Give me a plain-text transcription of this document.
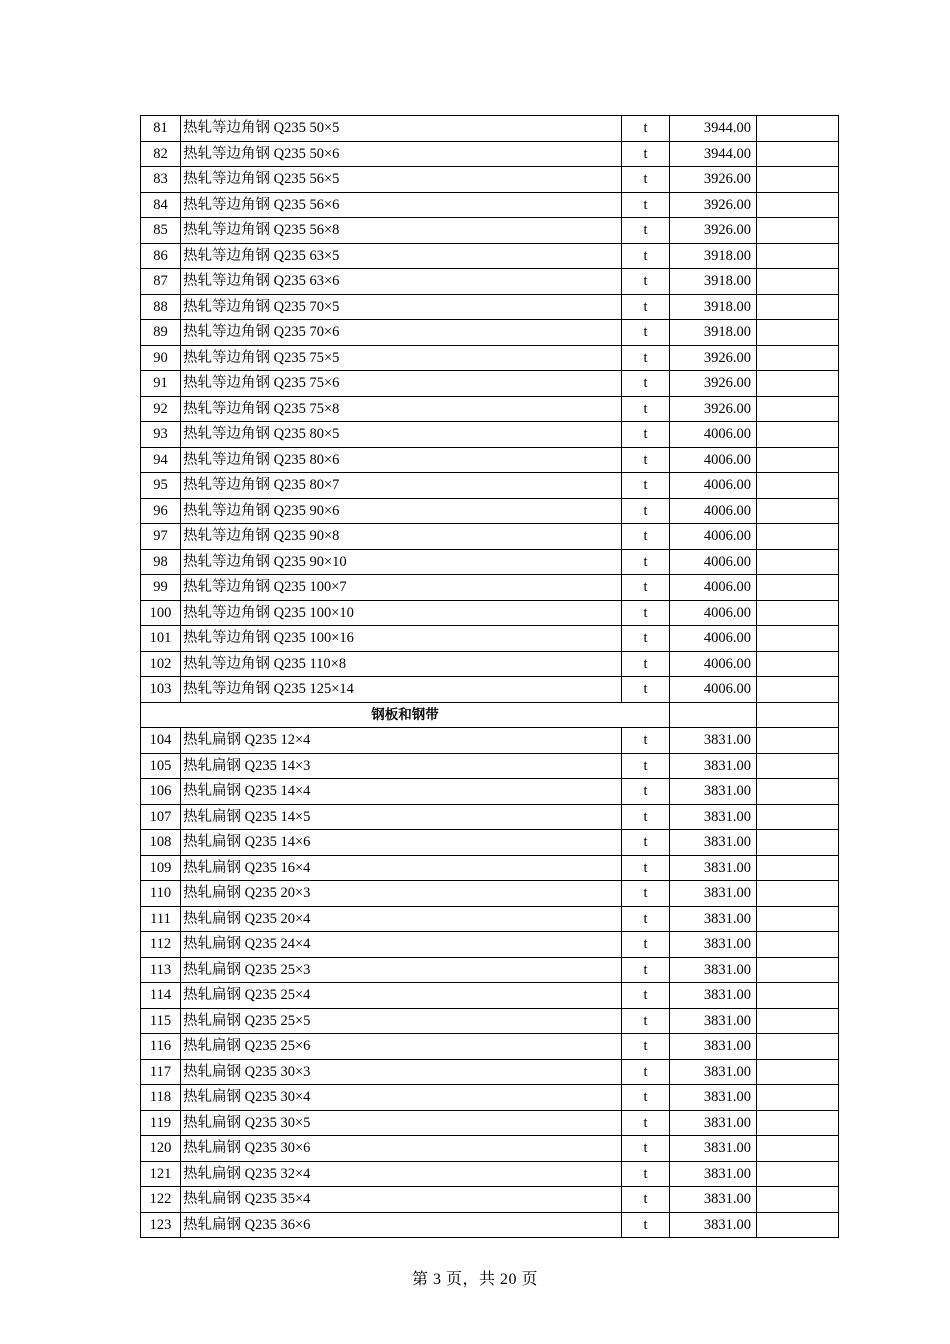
81	热轧等边角钢 Q235 50×5	t	3944.00	
82	热轧等边角钢 Q235 50×6	t	3944.00	
83	热轧等边角钢 Q235 56×5	t	3926.00	
84	热轧等边角钢 Q235 56×6	t	3926.00	
85	热轧等边角钢 Q235 56×8	t	3926.00	
86	热轧等边角钢 Q235 63×5	t	3918.00	
87	热轧等边角钢 Q235 63×6	t	3918.00	
88	热轧等边角钢 Q235 70×5	t	3918.00	
89	热轧等边角钢 Q235 70×6	t	3918.00	
90	热轧等边角钢 Q235 75×5	t	3926.00	
91	热轧等边角钢 Q235 75×6	t	3926.00	
92	热轧等边角钢 Q235 75×8	t	3926.00	
93	热轧等边角钢 Q235 80×5	t	4006.00	
94	热轧等边角钢 Q235 80×6	t	4006.00	
95	热轧等边角钢 Q235 80×7	t	4006.00	
96	热轧等边角钢 Q235 90×6	t	4006.00	
97	热轧等边角钢 Q235 90×8	t	4006.00	
98	热轧等边角钢 Q235 90×10	t	4006.00	
99	热轧等边角钢 Q235 100×7	t	4006.00	
100	热轧等边角钢 Q235 100×10	t	4006.00	
101	热轧等边角钢 Q235 100×16	t	4006.00	
102	热轧等边角钢 Q235 110×8	t	4006.00	
103	热轧等边角钢 Q235 125×14	t	4006.00	
钢板和钢带				
104	热轧扁钢 Q235 12×4	t	3831.00	
105	热轧扁钢 Q235 14×3	t	3831.00	
106	热轧扁钢 Q235 14×4	t	3831.00	
107	热轧扁钢 Q235 14×5	t	3831.00	
108	热轧扁钢 Q235 14×6	t	3831.00	
109	热轧扁钢 Q235 16×4	t	3831.00	
110	热轧扁钢 Q235 20×3	t	3831.00	
111	热轧扁钢 Q235 20×4	t	3831.00	
112	热轧扁钢 Q235 24×4	t	3831.00	
113	热轧扁钢 Q235 25×3	t	3831.00	
114	热轧扁钢 Q235 25×4	t	3831.00	
115	热轧扁钢 Q235 25×5	t	3831.00	
116	热轧扁钢 Q235 25×6	t	3831.00	
117	热轧扁钢 Q235 30×3	t	3831.00	
118	热轧扁钢 Q235 30×4	t	3831.00	
119	热轧扁钢 Q235 30×5	t	3831.00	
120	热轧扁钢 Q235 30×6	t	3831.00	
121	热轧扁钢 Q235 32×4	t	3831.00	
122	热轧扁钢 Q235 35×4	t	3831.00	
123	热轧扁钢 Q235 36×6	t	3831.00	
第 3 页，共 20 页
